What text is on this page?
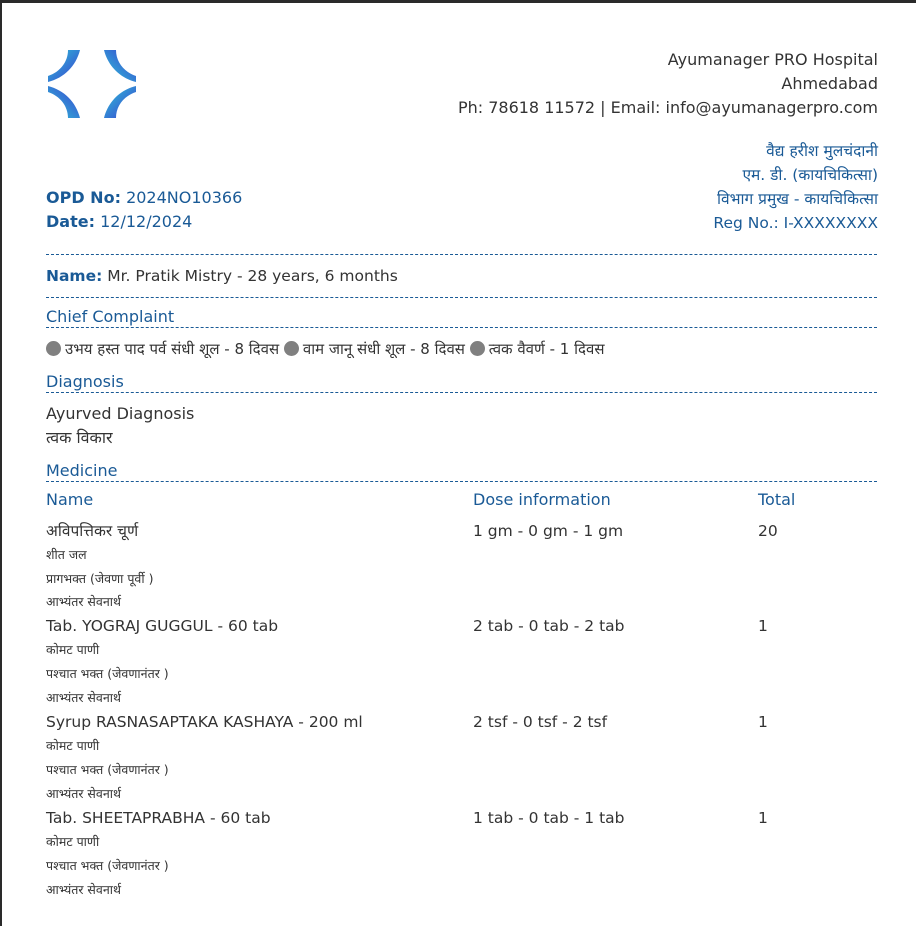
Ayumanager PRO Hospital
Ahmedabad
Ph: 78618 11572 | Email: info@ayumanagerpro.com
वैद्य हरीश मुलचंदानी
एम. डी. (कायचिकित्सा)
विभाग प्रमुख - कायचिकित्सा
Reg No.: I-XXXXXXXX
OPD No: 2024NO10366
Date: 12/12/2024
Name: Mr. Pratik Mistry - 28 years, 6 months
Chief Complaint
उभय हस्त पाद पर्व संधी शूल - 8 दिवस वाम जानू संधी शूल - 8 दिवस त्वक वैवर्ण - 1 दिवस
Diagnosis
Ayurved Diagnosis
त्वक विकार
Medicine
Name	Dose information	Total
अविपत्तिकर चूर्ण	1 gm - 0 gm - 1 gm	20
शीत जल
प्रागभक्त (जेवणा पूर्वी )
आभ्यंतर सेवनार्थ
Tab. YOGRAJ GUGGUL - 60 tab	2 tab - 0 tab - 2 tab	1
कोमट पाणी
पश्चात भक्त (जेवणानंतर )
आभ्यंतर सेवनार्थ
Syrup RASNASAPTAKA KASHAYA - 200 ml	2 tsf - 0 tsf - 2 tsf	1
कोमट पाणी
पश्चात भक्त (जेवणानंतर )
आभ्यंतर सेवनार्थ
Tab. SHEETAPRABHA - 60 tab	1 tab - 0 tab - 1 tab	1
कोमट पाणी
पश्चात भक्त (जेवणानंतर )
आभ्यंतर सेवनार्थ
